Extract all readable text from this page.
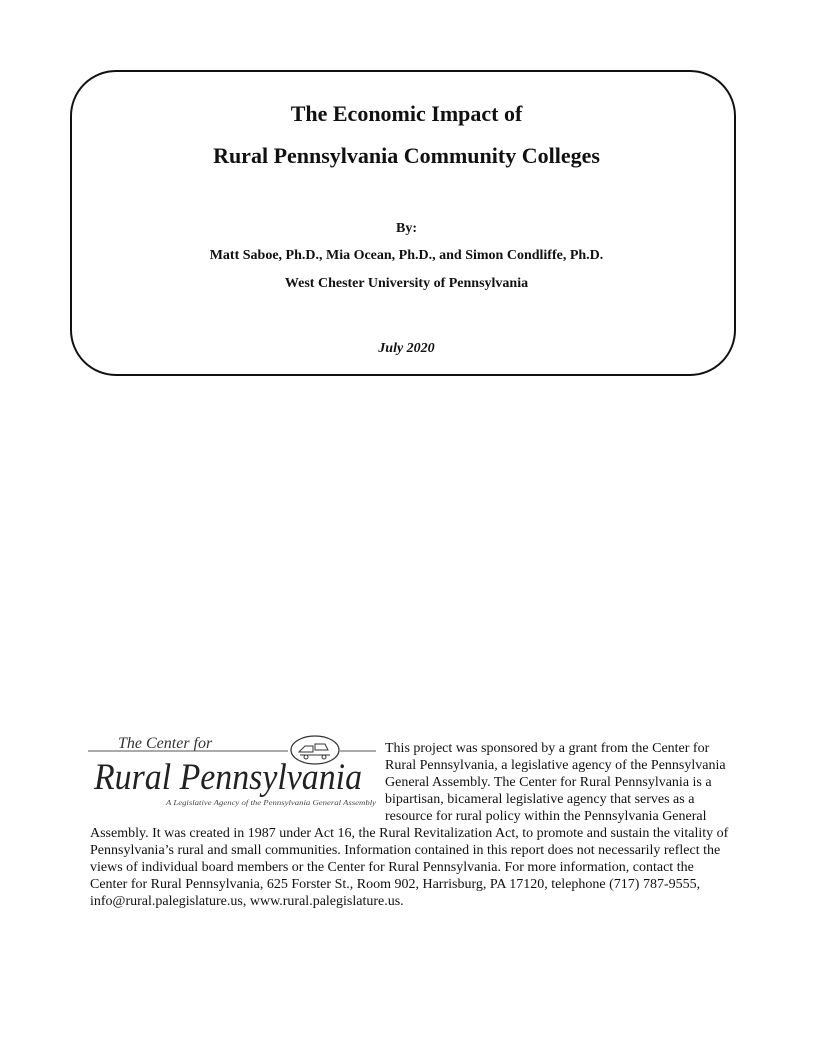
The Economic Impact of
Rural Pennsylvania Community Colleges
By:
Matt Saboe, Ph.D., Mia Ocean, Ph.D., and Simon Condliffe, Ph.D.
West Chester University of Pennsylvania
July 2020
The Center for
Rural Pennsylvania
A Legislative Agency of the Pennsylvania General Assembly

This project was sponsored by a grant from the Center for Rural Pennsylvania, a legislative agency of the Pennsylvania General Assembly. The Center for Rural Pennsylvania is a bipartisan, bicameral legislative agency that serves as a resource for rural policy within the Pennsylvania General Assembly. It was created in 1987 under Act 16, the Rural Revitalization Act, to promote and sustain the vitality of Pennsylvania’s rural and small communities. Information contained in this report does not necessarily reflect the views of individual board members or the Center for Rural Pennsylvania. For more information, contact the Center for Rural Pennsylvania, 625 Forster St., Room 902, Harrisburg, PA 17120, telephone (717) 787-9555, info@rural.palegislature.us, www.rural.palegislature.us.
